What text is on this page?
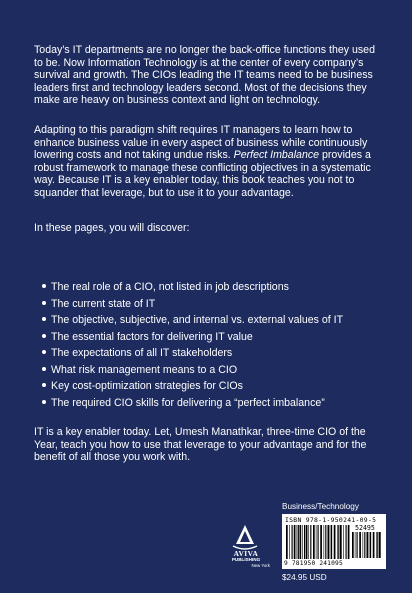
Today’s IT departments are no longer the back-office functions they used to be. Now Information Technology is at the center of every company’s survival and growth. The CIOs leading the IT teams need to be business leaders first and technology leaders second. Most of the decisions they make are heavy on business context and light on technology.
Adapting to this paradigm shift requires IT managers to learn how to enhance business value in every aspect of business while continuously lowering costs and not taking undue risks. Perfect Imbalance provides a robust framework to manage these conflicting objectives in a systematic way. Because IT is a key enabler today, this book teaches you not to squander that leverage, but to use it to your advantage.
In these pages, you will discover:
The real role of a CIO, not listed in job descriptions
The current state of IT
The objective, subjective, and internal vs. external values of IT
The essential factors for delivering IT value
The expectations of all IT stakeholders
What risk management means to a CIO
Key cost-optimization strategies for CIOs
The required CIO skills for delivering a “perfect imbalance”
IT is a key enabler today. Let, Umesh Manathkar, three-time CIO of the Year, teach you how to use that leverage to your advantage and for the benefit of all those you work with.
AVIVA
PUBLISHING
New York
Business/Technology
ISBN 978-1-950241-09-5
52495
9 781950 241095
$24.95 USD
